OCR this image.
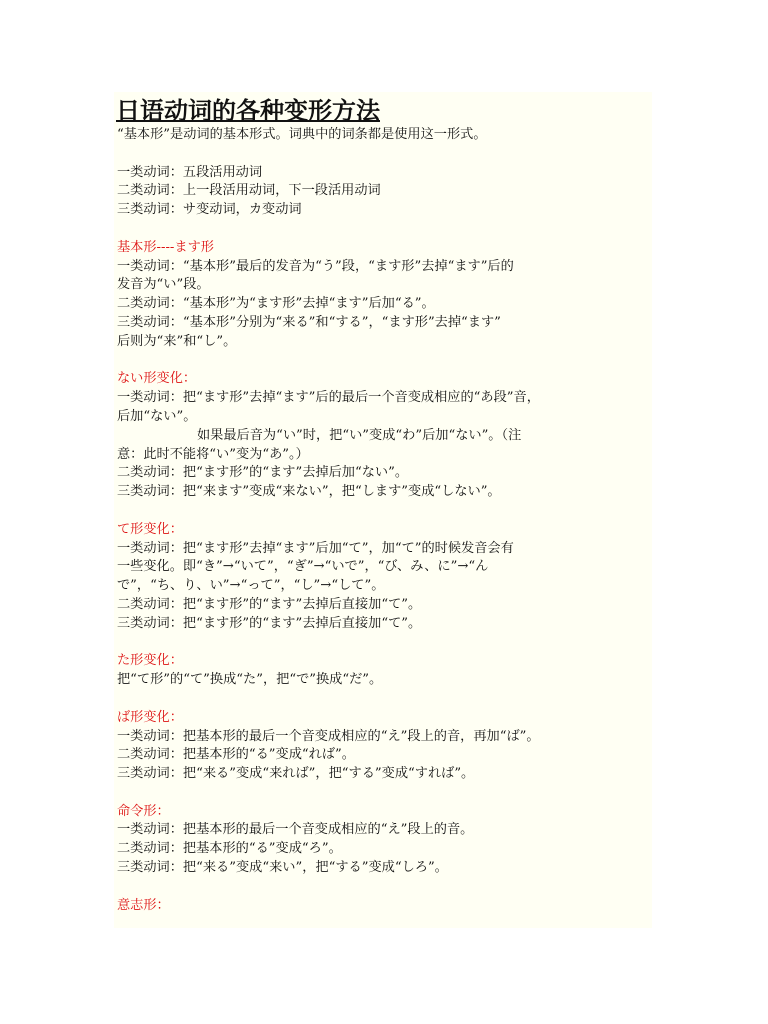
日语动词的各种变形方法

“基本形”是动词的基本形式。词典中的词条都是使用这一形式。

一类动词：五段活用动词

二类动词：上一段活用动词，下一段活用动词

三类动词：サ变动词，カ变动词

基本形----ます形

一类动词：“基本形”最后的发音为“う”段，“ます形”去掉“ます”后的

发音为“い”段。

二类动词：“基本形”为“ます形”去掉“ます”后加“る”。

三类动词：“基本形”分别为“来る”和“する”，“ます形”去掉“ます”

后则为“来”和“し”。

ない形变化：

一类动词：把“ます形”去掉“ます”后的最后一个音变成相应的“あ段”音，

后加“ない”。

如果最后音为“い”时，把“い”变成“わ”后加“ない”。（注

意：此时不能将“い”变为“あ”。）

二类动词：把“ます形”的“ます”去掉后加“ない”。

三类动词：把“来ます”变成“来ない”，把“します”变成“しない”。

て形变化：

一类动词：把“ます形”去掉“ます”后加“て”，加“て”的时候发音会有

一些变化。即“き”→“いて”，“ぎ”→“いで”，“び、み、に”→“ん

で”，“ち、り、い”→“って”，“し”→“して”。

二类动词：把“ます形”的“ます”去掉后直接加“て”。

三类动词：把“ます形”的“ます”去掉后直接加“て”。

た形变化：

把“て形”的“て”换成“た”，把“で”换成“だ”。

ば形变化：

一类动词：把基本形的最后一个音变成相应的“え”段上的音，再加“ば”。

二类动词：把基本形的“る”变成“れば”。

三类动词：把“来る”变成“来れば”，把“する”变成“すれば”。

命令形：

一类动词：把基本形的最后一个音变成相应的“え”段上的音。

二类动词：把基本形的“る”变成“ろ”。

三类动词：把“来る”变成“来い”，把“する”变成“しろ”。

意志形：
